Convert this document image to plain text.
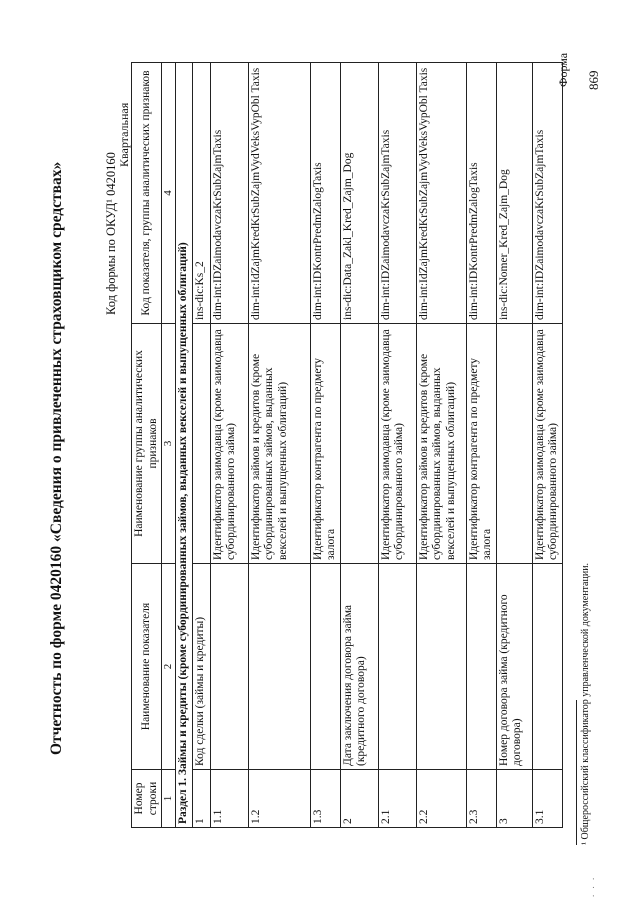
Форма 869
Отчетность по форме 0420160 «Сведения о привлеченных страховщиком средствах»	Код формы по ОКУД¹ 0420160
Квартальная
Номер строки	Наименование показателя	Наименование группы аналитических признаков	Код показателя, группы аналитических признаков
1	2	3	4
Раздел 1. Займы и кредиты (кроме субординированных займов, выданных векселей и выпущенных облигаций)			
1	Код сделки (займы и кредиты)		ins-dic:Ks_2
1.1		Идентификатор заимодавца (кроме заимодавца субординированного займа)	dim-int:IDZaimodavczaKrSubZajmTaxis
1.2		Идентификатор займов и кредитов (кроме субординированных займов, выданных векселей и выпущенных облигаций)	dim-int:IdZajmKredKrSubZajmVydVeksVypObl Taxis
1.3		Идентификатор контрагента по предмету залога	dim-int:IDKontrPredmZalogTaxis
2	Дата заключения договора займа (кредитного договора)		ins-dic:Data_Zakl_Kred_Zajm_Dog
2.1		Идентификатор заимодавца (кроме заимодавца субординированного займа)	dim-int:IDZaimodavczaKrSubZajmTaxis
2.2		Идентификатор займов и кредитов (кроме субординированных займов, выданных векселей и выпущенных облигаций)	dim-int:IdZajmKredKrSubZajmVydVeksVypObl Taxis
2.3		Идентификатор контрагента по предмету залога	dim-int:IDKontrPredmZalogTaxis
3	Номер договора займа (кредитного договора)		ins-dic:Nomer_Kred_Zajm_Dog
3.1		Идентификатор заимодавца (кроме заимодавца субординированного займа)	dim-int:IDZaimodavczaKrSubZajmTaxis
¹ Общероссийский классификатор управленческой документации.
. . .
